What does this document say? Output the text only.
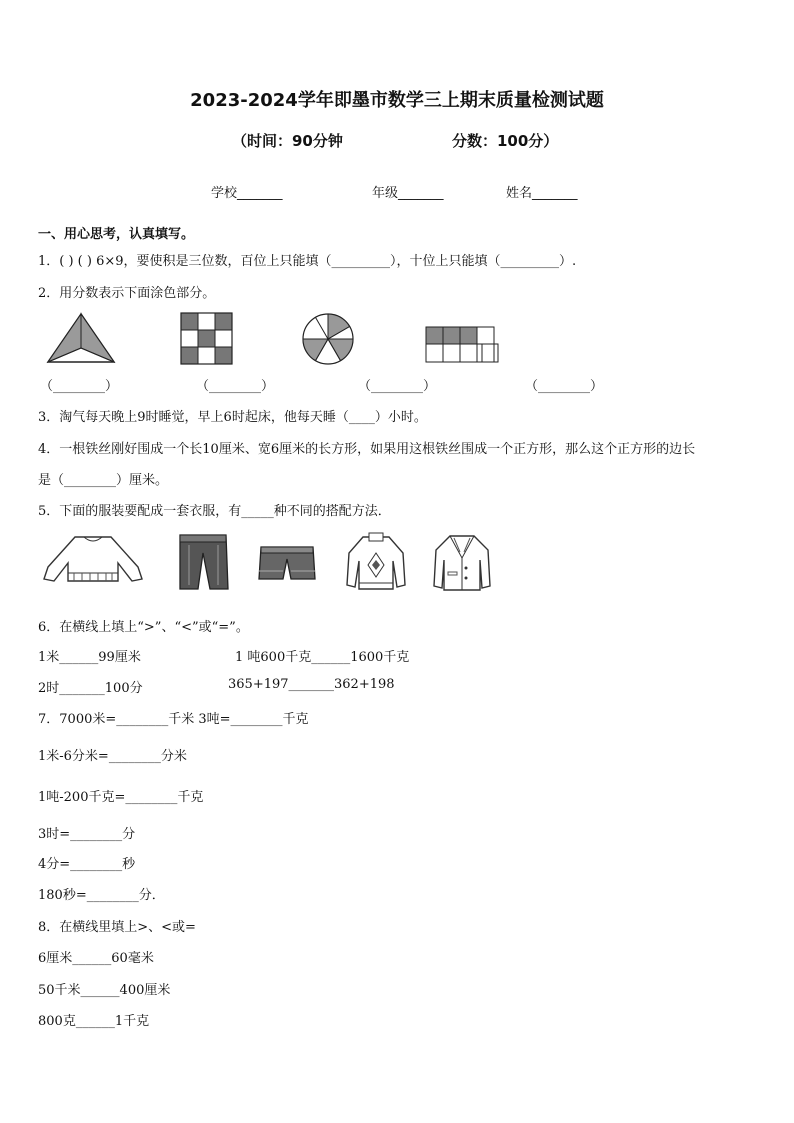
2023-2024学年即墨市数学三上期末质量检测试题
（时间：90分钟	分数：100分）
学校_______	年级_______	姓名_______
一、用心思考，认真填写。
1．( ) ( ) 6×9，要使积是三位数，百位上只能填（_________），十位上只能填（_________）.
2．用分数表示下面涂色部分。
（________）	（________）	（________）	（________）
3．淘气每天晚上9时睡觉，早上6时起床，他每天睡（____）小时。
4．一根铁丝刚好围成一个长10厘米、宽6厘米的长方形，如果用这根铁丝围成一个正方形，那么这个正方形的边长
是（________）厘米。
5．下面的服装要配成一套衣服，有_____种不同的搭配方法．
6．在横线上填上“>”、“<”或“=”。
1米______99厘米	1 吨600千克______1600千克
2时_______100分	365+197_______362+198
7．7000米=________千米 3吨=________千克
1米-6分米=________分米
1吨-200千克=________千克
3时=________分
4分=________秒
180秒=________分．
8．在横线里填上>、<或=
6厘米______60毫米
50千米______400厘米
800克______1千克
